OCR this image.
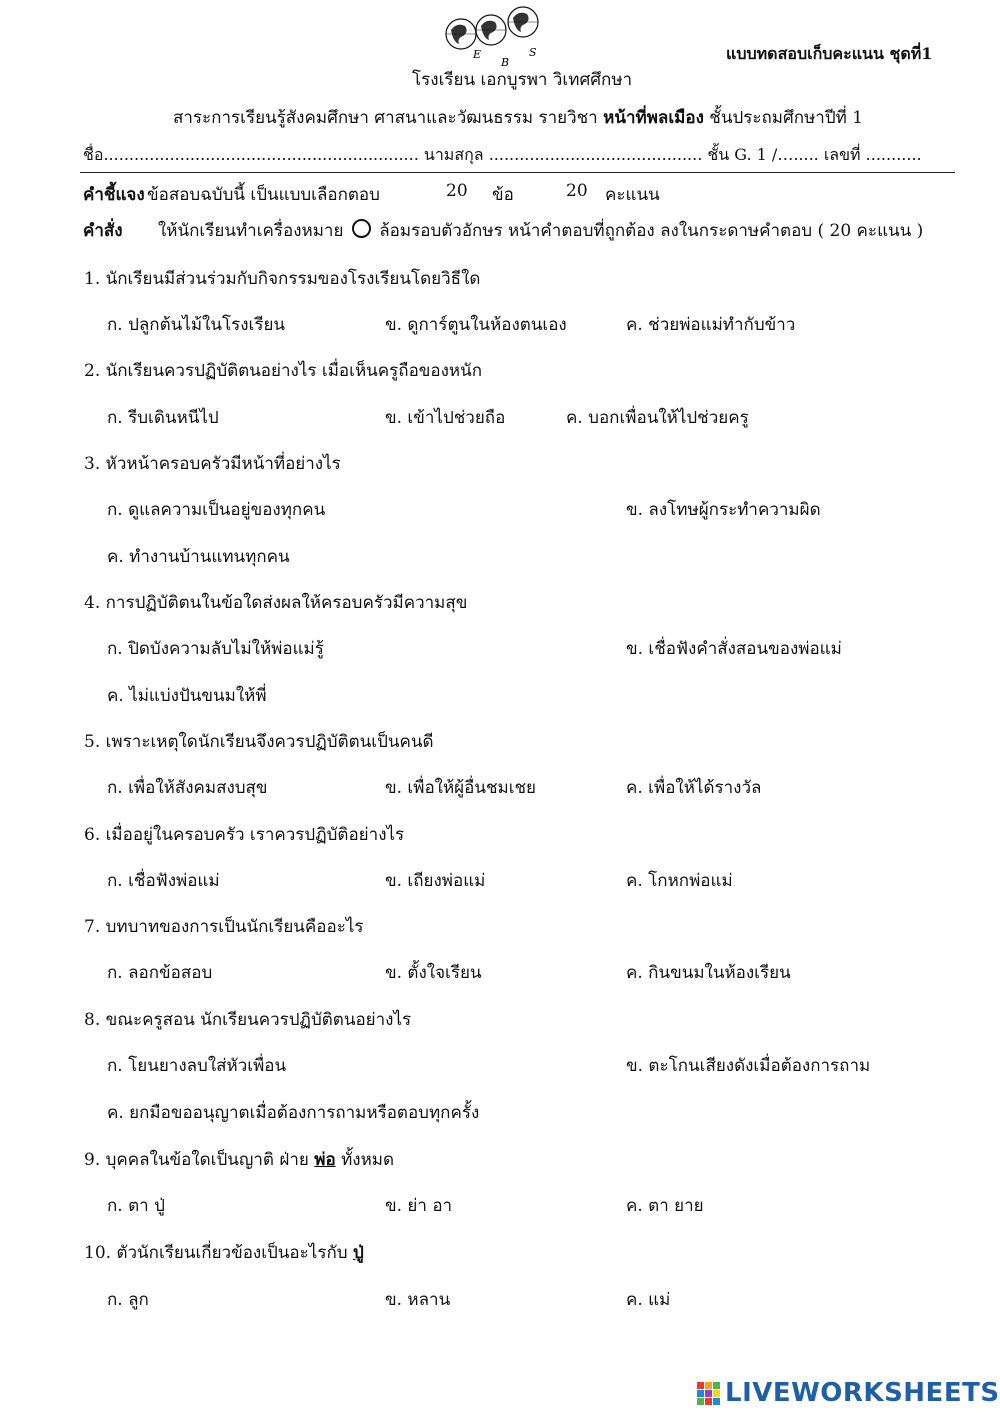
E
B
S	แบบทดสอบเก็บคะแนน ชุดที่1
โรงเรียน เอกบูรพา วิเทศศึกษา
สาระการเรียนรู้สังคมศึกษา ศาสนาและวัฒนธรรม รายวิชา หน้าที่พลเมือง ชั้นประถมศึกษาปีที่ 1
ชื่อ.............................................................. นามสกุล .......................................... ชั้น G. 1 /…..... เลขที่ ...........
คำชี้แจง ข้อสอบฉบับนี้ เป็นแบบเลือกตอบ	20 ข้อ	20 คะแนน
คำสั่ง ให้นักเรียนทำเครื่องหมาย ล้อมรอบตัวอักษร หน้าคำตอบที่ถูกต้อง ลงในกระดาษคำตอบ ( 20 คะแนน )
1. นักเรียนมีส่วนร่วมกับกิจกรรมของโรงเรียนโดยวิธีใด
ก. ปลูกต้นไม้ในโรงเรียน	ข. ดูการ์ตูนในห้องตนเอง	ค. ช่วยพ่อแม่ทำกับข้าว
2. นักเรียนควรปฏิบัติตนอย่างไร เมื่อเห็นครูถือของหนัก
ก. รีบเดินหนีไป	ข. เข้าไปช่วยถือ	ค. บอกเพื่อนให้ไปช่วยครู
3. หัวหน้าครอบครัวมีหน้าที่อย่างไร
ก. ดูแลความเป็นอยู่ของทุกคน	ข. ลงโทษผู้กระทำความผิด
ค. ทำงานบ้านแทนทุกคน
4. การปฏิบัติตนในข้อใดส่งผลให้ครอบครัวมีความสุข
ก. ปิดบังความลับไม่ให้พ่อแม่รู้	ข. เชื่อฟังคำสั่งสอนของพ่อแม่
ค. ไม่แบ่งปันขนมให้พี่
5. เพราะเหตุใดนักเรียนจึงควรปฏิบัติตนเป็นคนดี
ก. เพื่อให้สังคมสงบสุข	ข. เพื่อให้ผู้อื่นชมเชย	ค. เพื่อให้ได้รางวัล
6. เมื่ออยู่ในครอบครัว เราควรปฏิบัติอย่างไร
ก. เชื่อฟังพ่อแม่	ข. เถียงพ่อแม่	ค. โกหกพ่อแม่
7. บทบาทของการเป็นนักเรียนคืออะไร
ก. ลอกข้อสอบ	ข. ตั้งใจเรียน	ค. กินขนมในห้องเรียน
8. ขณะครูสอน นักเรียนควรปฏิบัติตนอย่างไร
ก. โยนยางลบใส่หัวเพื่อน	ข. ตะโกนเสียงดังเมื่อต้องการถาม
ค. ยกมือขออนุญาตเมื่อต้องการถามหรือตอบทุกครั้ง
9. บุคคลในข้อใดเป็นญาติ ฝ่าย พ่อ ทั้งหมด
ก. ตา ปู่	ข. ย่า อา	ค. ตา ยาย
10. ตัวนักเรียนเกี่ยวข้องเป็นอะไรกับ ปู่
ก. ลูก	ข. หลาน	ค. แม่
LIVEWORKSHEETS
